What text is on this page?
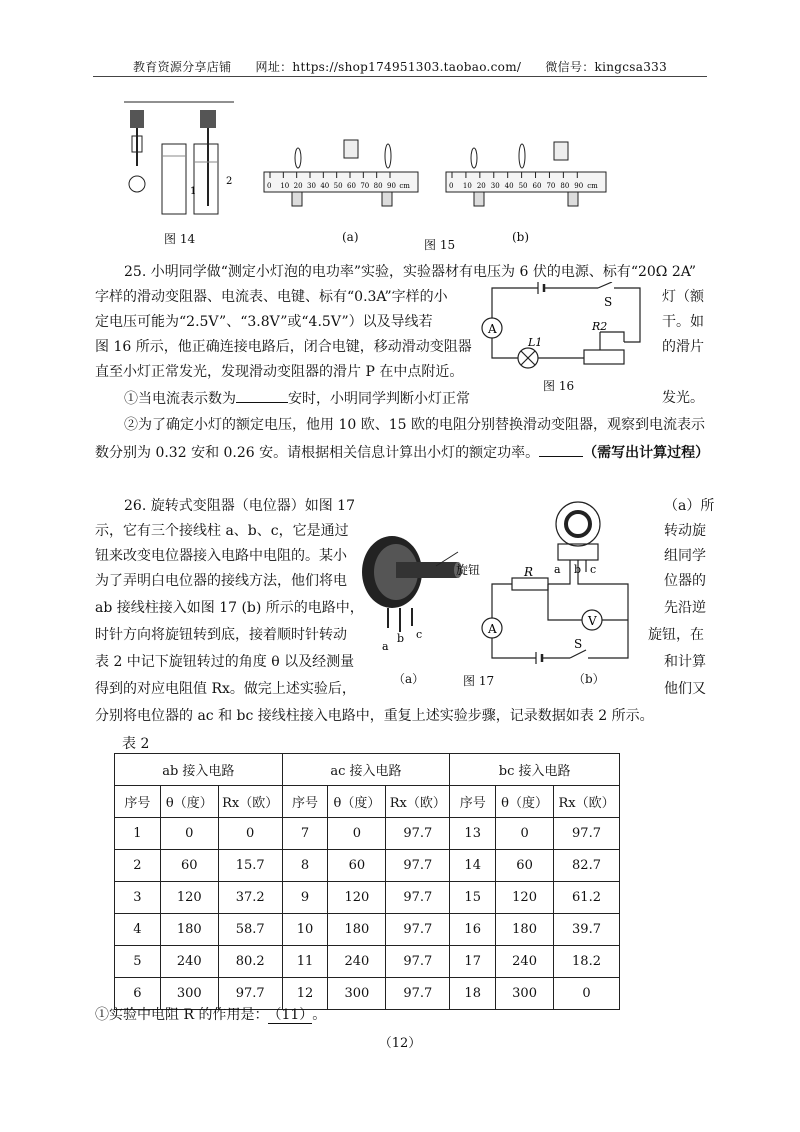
教育资源分享店铺 网址：https://shop174951303.taobao.com/ 微信号：kingcsa333
1
2
图 14
0 10 20 30 40 50 60 70 80 90 cm	0 10 20 30 40 50 60 70 80 90 cm
(a)	(b)
图 15
25. 小明同学做“测定小灯泡的电功率”实验，实验器材有电压为 6 伏的电源、标有“20Ω 2A”
字样的滑动变阻器、电流表、电键、标有“0.3A”字样的小	灯（额
定电压可能为“2.5V”、“3.8V”或“4.5V”）以及导线若	干。如
图 16 所示，他正确连接电路后，闭合电键，移动滑动变阻器	的滑片
直至小灯正常发光，发现滑动变阻器的滑片 P 在中点附近。
A
S
L1
R2
图 16
①当电流表示数为	安时，小明同学判断小灯正常	发光。
②为了确定小灯的额定电压，他用 10 欧、15 欧的电阻分别替换滑动变阻器，观察到电流表示
数分别为 0.32 安和 0.26 安。请根据相关信息计算出小灯的额定功率。	（需写出计算过程）
26. 旋转式变阻器（电位器）如图 17	（a）所
示，它有三个接线柱 a、b、c，它是通过	转动旋
钮来改变电位器接入电路中电阻的。某小	组同学
为了弄明白电位器的接线方法，他们将电	位器的
ab 接线柱接入如图 17 (b) 所示的电路中，	先沿逆
时针方向将旋钮转到底，接着顺时针转动	旋钮，在
表 2 中记下旋钮转过的角度 θ 以及经测量	和计算
得到的对应电阻值 Rx。做完上述实验后，	他们又
分别将电位器的 ac 和 bc 接线柱接入电路中，重复上述实验步骤，记录数据如表 2 所示。
旋钮
a
b c
（a）
a b c
R
A
V
S
图 17	（b）
表 2
ab 接入电路			ac 接入电路			bc 接入电路		
序号	θ（度）	Rx（欧）	序号	θ（度）	Rx（欧）	序号	θ（度）	Rx（欧）
1	0	0	7	0	97.7	13	0	97.7
2	60	15.7	8	60	97.7	14	60	82.7
3	120	37.2	9	120	97.7	15	120	61.2
4	180	58.7	10	180	97.7	16	180	39.7
5	240	80.2	11	240	97.7	17	240	18.2
6	300	97.7	12	300	97.7	18	300	0
①实验中电阻 R 的作用是： （11） 。
（12）
